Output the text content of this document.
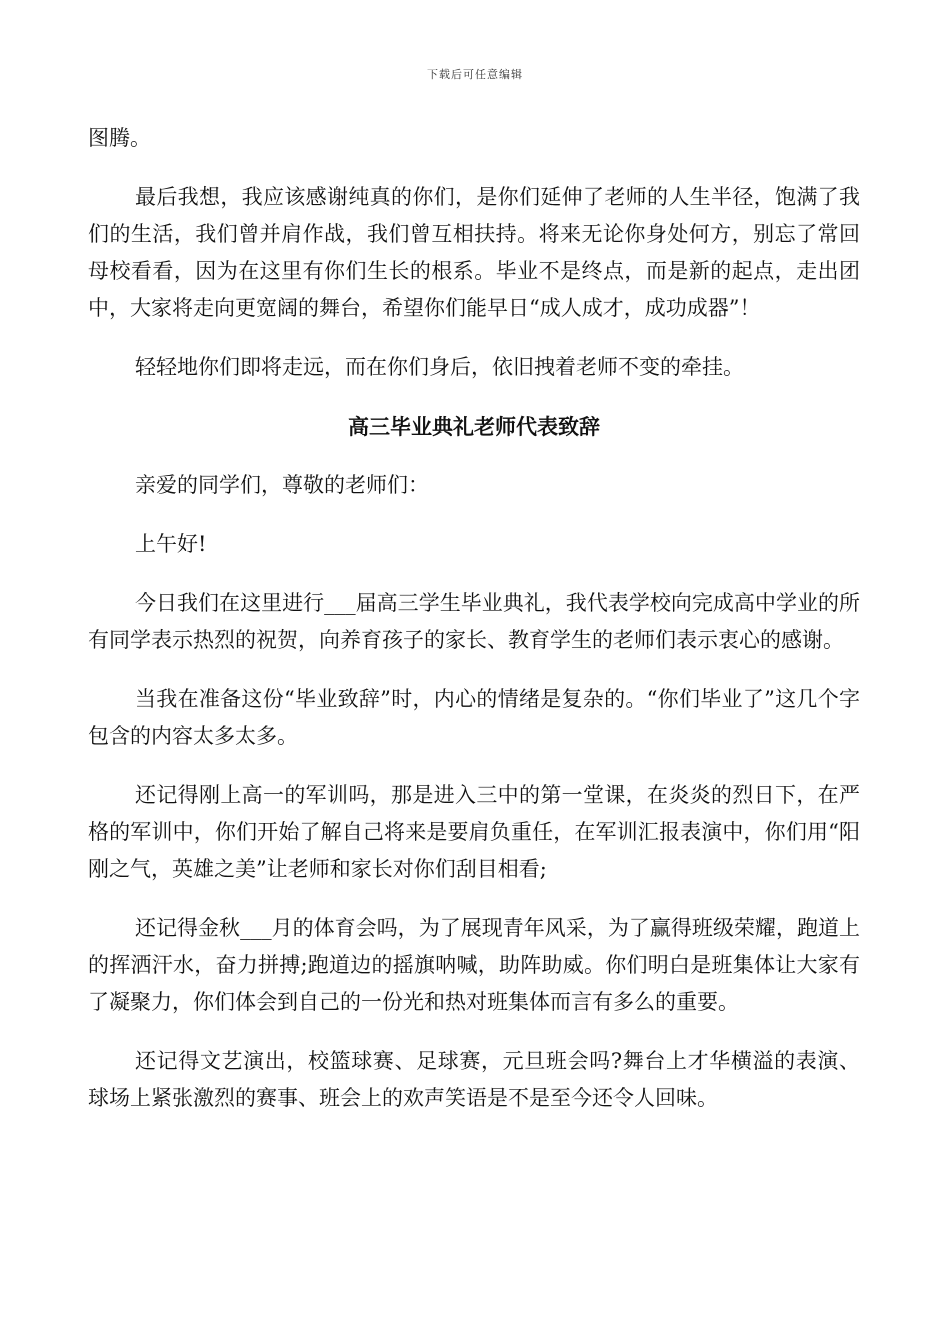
下载后可任意编辑

图腾。

最后我想，我应该感谢纯真的你们，是你们延伸了老师的人生半径，饱满了我们的生活，我们曾并肩作战，我们曾互相扶持。将来无论你身处何方，别忘了常回母校看看，因为在这里有你们生长的根系。毕业不是终点，而是新的起点，走出团中，大家将走向更宽阔的舞台，希望你们能早日“成人成才，成功成器”！

轻轻地你们即将走远，而在你们身后，依旧拽着老师不变的牵挂。

高三毕业典礼老师代表致辞

亲爱的同学们，尊敬的老师们：

上午好!

今日我们在这里进行___届高三学生毕业典礼，我代表学校向完成高中学业的所有同学表示热烈的祝贺，向养育孩子的家长、教育学生的老师们表示衷心的感谢。

当我在准备这份“毕业致辞”时，内心的情绪是复杂的。“你们毕业了”这几个字包含的内容太多太多。

还记得刚上高一的军训吗，那是进入三中的第一堂课，在炎炎的烈日下，在严格的军训中，你们开始了解自己将来是要肩负重任，在军训汇报表演中，你们用“阳刚之气，英雄之美”让老师和家长对你们刮目相看;

还记得金秋___月的体育会吗，为了展现青年风采，为了赢得班级荣耀，跑道上的挥洒汗水，奋力拼搏;跑道边的摇旗呐喊，助阵助威。你们明白是班集体让大家有了凝聚力，你们体会到自己的一份光和热对班集体而言有多么的重要。

还记得文艺演出，校篮球赛、足球赛，元旦班会吗?舞台上才华横溢的表演、球场上紧张激烈的赛事、班会上的欢声笑语是不是至今还令人回味。
